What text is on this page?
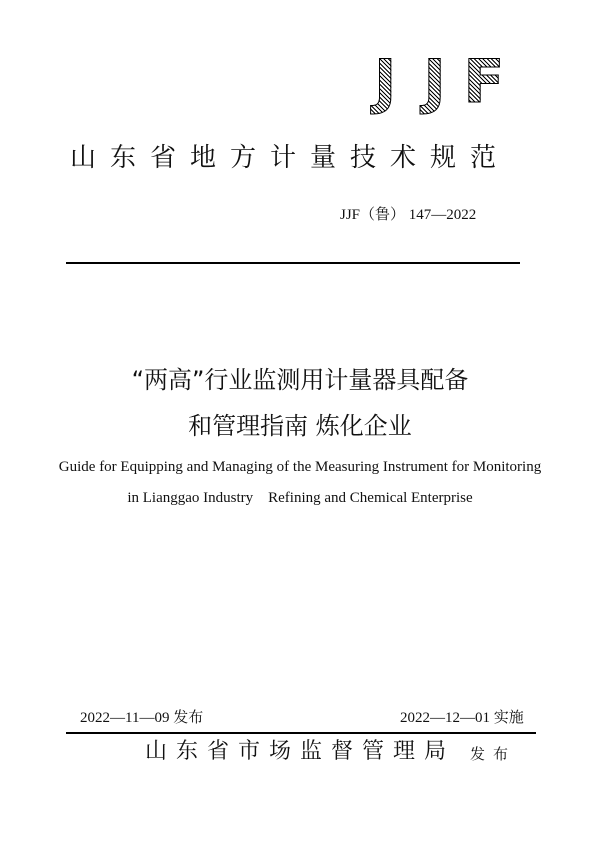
J J F
山东省地方计量技术规范
JJF（鲁） 147—2022
“两高”行业监测用计量器具配备
和管理指南 炼化企业
Guide for Equipping and Managing of the Measuring Instrument for Monitoring
in Lianggao Industry　Refining and Chemical Enterprise
2022—11—09 发布	2022—12—01 实施
山东省市场监督管理局 发布
